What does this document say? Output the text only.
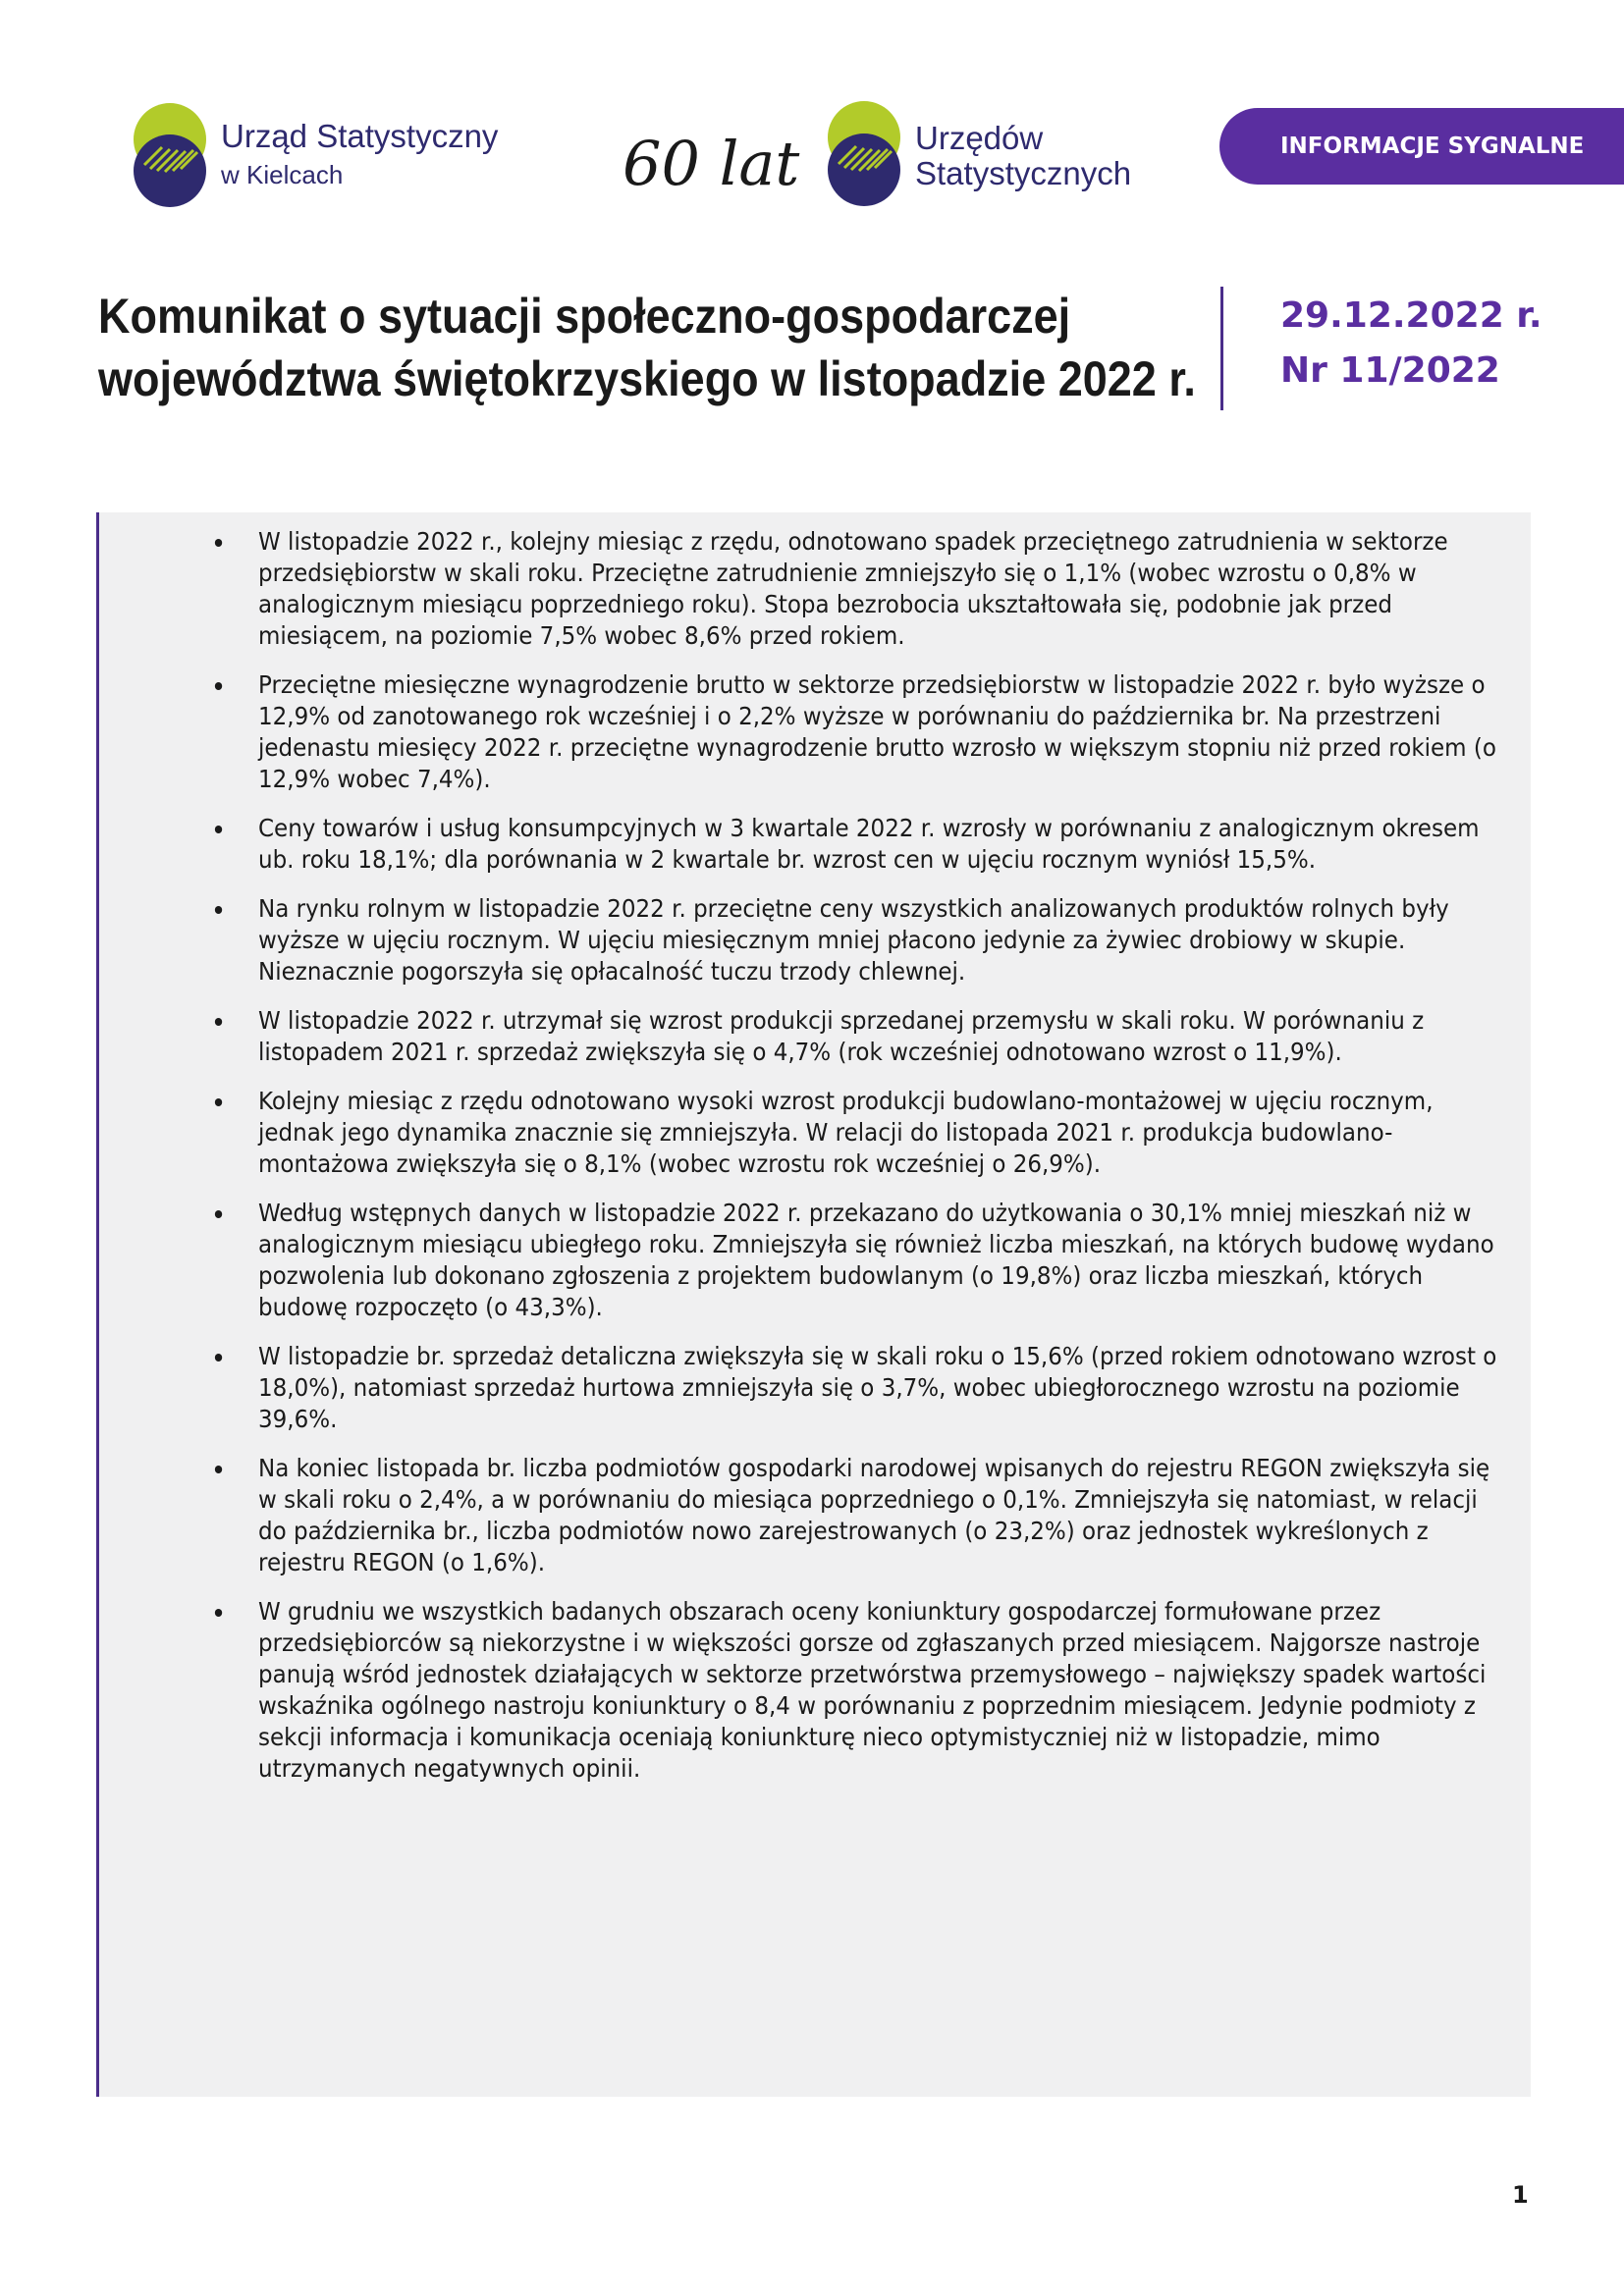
Urząd Statystyczny
w Kielcach	60 lat	Urzędów
Statystycznych
INFORMACJE SYGNALNE
Komunikat o sytuacji społeczno-gospodarczej
województwa świętokrzyskiego w listopadzie 2022 r.
29.12.2022 r.
Nr 11/2022
W listopadzie 2022 r., kolejny miesiąc z rzędu, odnotowano spadek przeciętnego zatrudnienia w sektorze przedsiębiorstw w skali roku. Przeciętne zatrudnienie zmniejszyło się o 1,1% (wobec wzrostu o 0,8% w analogicznym miesiącu poprzedniego roku). Stopa bezrobocia ukształtowała się, podobnie jak przed miesiącem, na poziomie 7,5% wobec 8,6% przed rokiem.
Przeciętne miesięczne wynagrodzenie brutto w sektorze przedsiębiorstw w listopadzie 2022 r. było wyższe o 12,9% od zanotowanego rok wcześniej i o 2,2% wyższe w porównaniu do października br. Na przestrzeni jedenastu miesięcy 2022 r. przeciętne wynagrodzenie brutto wzrosło w większym stopniu niż przed rokiem (o 12,9% wobec 7,4%).
Ceny towarów i usług konsumpcyjnych w 3 kwartale 2022 r. wzrosły w porównaniu z analogicznym okresem ub. roku 18,1%; dla porównania w 2 kwartale br. wzrost cen w ujęciu rocznym wyniósł 15,5%.
Na rynku rolnym w listopadzie 2022 r. przeciętne ceny wszystkich analizowanych produktów rolnych były wyższe w ujęciu rocznym. W ujęciu miesięcznym mniej płacono jedynie za żywiec drobiowy w skupie. Nieznacznie pogorszyła się opłacalność tuczu trzody chlewnej.
W listopadzie 2022 r. utrzymał się wzrost produkcji sprzedanej przemysłu w skali roku. W porównaniu z listopadem 2021 r. sprzedaż zwiększyła się o 4,7% (rok wcześniej odnotowano wzrost o 11,9%).
Kolejny miesiąc z rzędu odnotowano wysoki wzrost produkcji budowlano-montażowej w ujęciu rocznym, jednak jego dynamika znacznie się zmniejszyła. W relacji do listopada 2021 r. produkcja budowlano-montażowa zwiększyła się o 8,1% (wobec wzrostu rok wcześniej o 26,9%).
Według wstępnych danych w listopadzie 2022 r. przekazano do użytkowania o 30,1% mniej mieszkań niż w analogicznym miesiącu ubiegłego roku. Zmniejszyła się również liczba mieszkań, na których budowę wydano pozwolenia lub dokonano zgłoszenia z projektem budowlanym (o 19,8%) oraz liczba mieszkań, których budowę rozpoczęto (o 43,3%).
W listopadzie br. sprzedaż detaliczna zwiększyła się w skali roku o 15,6% (przed rokiem odnotowano wzrost o 18,0%), natomiast sprzedaż hurtowa zmniejszyła się o 3,7%, wobec ubiegłorocznego wzrostu na poziomie 39,6%.
Na koniec listopada br. liczba podmiotów gospodarki narodowej wpisanych do rejestru REGON zwiększyła się w skali roku o 2,4%, a w porównaniu do miesiąca poprzedniego o 0,1%. Zmniejszyła się natomiast, w relacji do października br., liczba podmiotów nowo zarejestrowanych (o 23,2%) oraz jednostek wykreślonych z rejestru REGON (o 1,6%).
W grudniu we wszystkich badanych obszarach oceny koniunktury gospodarczej formułowane przez przedsiębiorców są niekorzystne i w większości gorsze od zgłaszanych przed miesiącem. Najgorsze nastroje panują wśród jednostek działających w sektorze przetwórstwa przemysłowego – największy spadek wartości wskaźnika ogólnego nastroju koniunktury o 8,4 w porównaniu z poprzednim miesiącem. Jedynie podmioty z sekcji informacja i komunikacja oceniają koniunkturę nieco optymistyczniej niż w listopadzie, mimo utrzymanych negatywnych opinii.
1
